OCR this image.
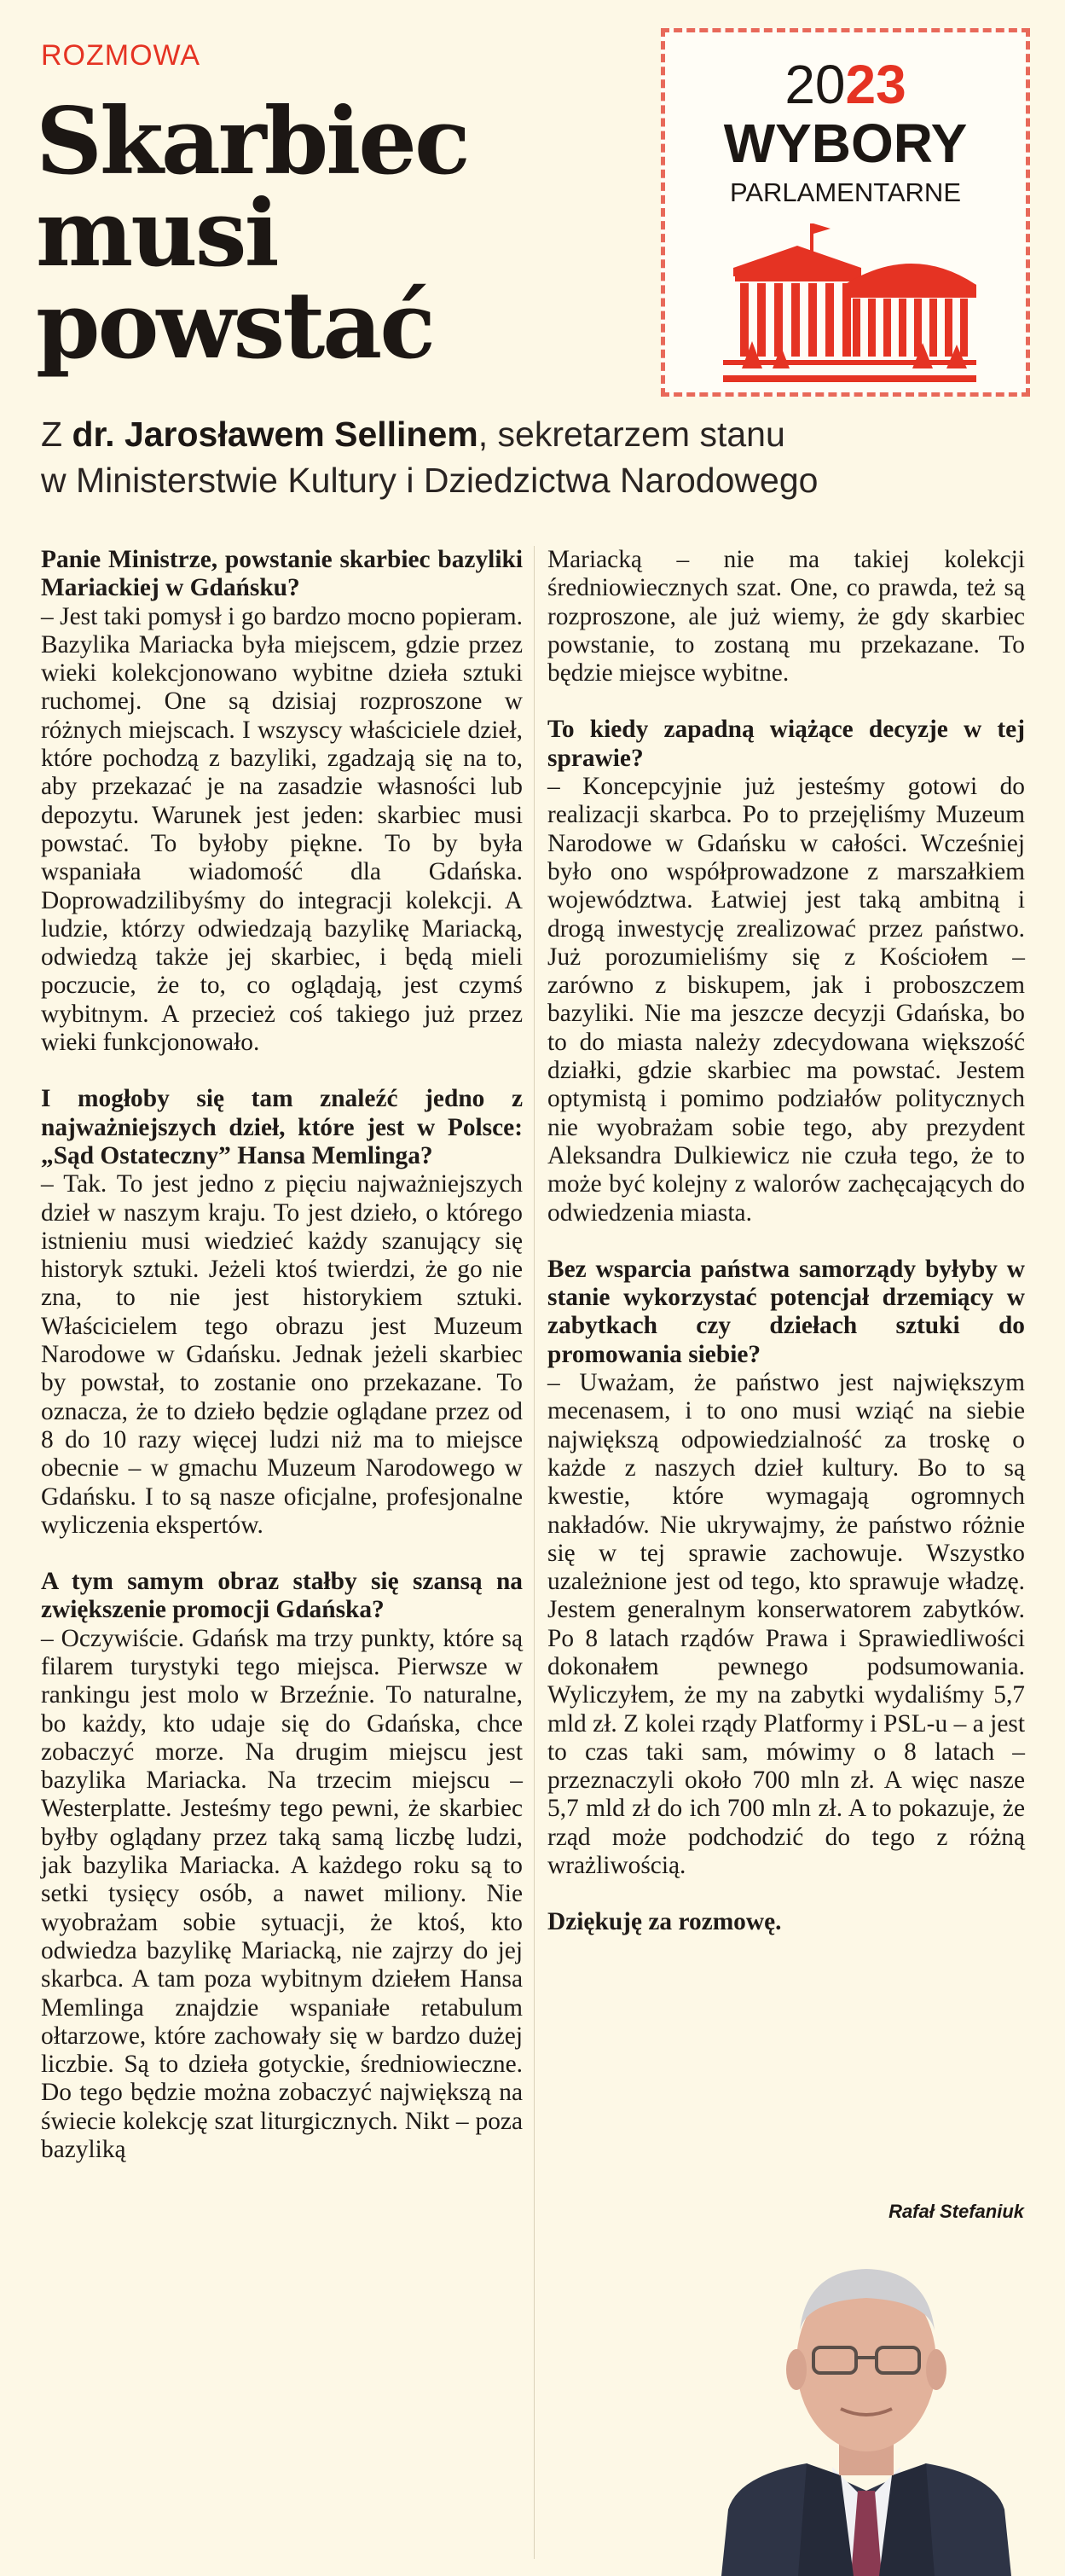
ROZMOWA
Skarbiec
musi
powstać
2023
WYBORY
PARLAMENTARNE
Z dr. Jarosławem Sellinem, sekretarzem stanu
w Ministerstwie Kultury i Dziedzictwa Narodowego

Panie Ministrze, powstanie skarbiec bazyliki Mariackiej w Gdańsku?

– Jest taki pomysł i go bardzo mocno popieram. Bazylika Mariacka była miejscem, gdzie przez wieki kolekcjonowano wybitne dzieła sztuki ruchomej. One są dzisiaj rozproszone w różnych miejscach. I wszyscy właściciele dzieł, które pochodzą z bazyliki, zgadzają się na to, aby przekazać je na zasadzie własności lub depozytu. Warunek jest jeden: skarbiec musi powstać. To byłoby piękne. To by była wspaniała wiadomość dla Gdańska. Doprowadzilibyśmy do integracji kolekcji. A ludzie, którzy odwiedzają bazylikę Mariacką, odwiedzą także jej skarbiec, i będą mieli poczucie, że to, co oglądają, jest czymś wybitnym. A przecież coś takiego już przez wieki funkcjonowało.

I mogłoby się tam znaleźć jedno z najważniejszych dzieł, które jest w Polsce: „Sąd Ostateczny” Hansa Memlinga?

– Tak. To jest jedno z pięciu najważniejszych dzieł w naszym kraju. To jest dzieło, o którego istnieniu musi wiedzieć każdy szanujący się historyk sztuki. Jeżeli ktoś twierdzi, że go nie zna, to nie jest historykiem sztuki. Właścicielem tego obrazu jest Muzeum Narodowe w Gdańsku. Jednak jeżeli skarbiec by powstał, to zostanie ono przekazane. To oznacza, że to dzieło będzie oglądane przez od 8 do 10 razy więcej ludzi niż ma to miejsce obecnie – w gmachu Muzeum Narodowego w Gdańsku. I to są nasze oficjalne, profesjonalne wyliczenia ekspertów.

A tym samym obraz stałby się szansą na zwiększenie promocji Gdańska?

– Oczywiście. Gdańsk ma trzy punkty, które są filarem turystyki tego miejsca. Pierwsze w rankingu jest molo w Brzeźnie. To naturalne, bo każdy, kto udaje się do Gdańska, chce zobaczyć morze. Na drugim miejscu jest bazylika Mariacka. Na trzecim miejscu – Westerplatte. Jesteśmy tego pewni, że skarbiec byłby oglądany przez taką samą liczbę ludzi, jak bazylika Mariacka. A każdego roku są to setki tysięcy osób, a nawet miliony. Nie wyobrażam sobie sytuacji, że ktoś, kto odwiedza bazylikę Mariacką, nie zajrzy do jej skarbca. A tam poza wybitnym dziełem Hansa Memlinga znajdzie wspaniałe retabulum ołtarzowe, które zachowały się w bardzo dużej liczbie. Są to dzieła gotyckie, średniowieczne. Do tego będzie można zobaczyć największą na świecie kolekcję szat liturgicznych. Nikt – poza bazyliką

Mariacką – nie ma takiej kolekcji średniowiecznych szat. One, co prawda, też są rozproszone, ale już wiemy, że gdy skarbiec powstanie, to zostaną mu przekazane. To będzie miejsce wybitne.

To kiedy zapadną wiążące decyzje w tej sprawie?

– Koncepcyjnie już jesteśmy gotowi do realizacji skarbca. Po to przejęliśmy Muzeum Narodowe w Gdańsku w całości. Wcześniej było ono współprowadzone z marszałkiem województwa. Łatwiej jest taką ambitną i drogą inwestycję zrealizować przez państwo. Już porozumieliśmy się z Kościołem – zarówno z biskupem, jak i proboszczem bazyliki. Nie ma jeszcze decyzji Gdańska, bo to do miasta należy zdecydowana większość działki, gdzie skarbiec ma powstać. Jestem optymistą i pomimo podziałów politycznych nie wyobrażam sobie tego, aby prezydent Aleksandra Dulkiewicz nie czuła tego, że to może być kolejny z walorów zachęcających do odwiedzenia miasta.

Bez wsparcia państwa samorządy byłyby w stanie wykorzystać potencjał drzemiący w zabytkach czy dziełach sztuki do promowania siebie?

– Uważam, że państwo jest największym mecenasem, i to ono musi wziąć na siebie największą odpowiedzialność za troskę o każde z naszych dzieł kultury. Bo to są kwestie, które wymagają ogromnych nakładów. Nie ukrywajmy, że państwo różnie się w tej sprawie zachowuje. Wszystko uzależnione jest od tego, kto sprawuje władzę. Jestem generalnym konserwatorem zabytków. Po 8 latach rządów Prawa i Sprawiedliwości dokonałem pewnego podsumowania. Wyliczyłem, że my na zabytki wydaliśmy 5,7 mld zł. Z kolei rządy Platformy i PSL-u – a jest to czas taki sam, mówimy o 8 latach – przeznaczyli około 700 mln zł. A więc nasze 5,7 mld zł do ich 700 mln zł. A to pokazuje, że rząd może podchodzić do tego z różną wrażliwością.

Dziękuję za rozmowę.

Rafał Stefaniuk
